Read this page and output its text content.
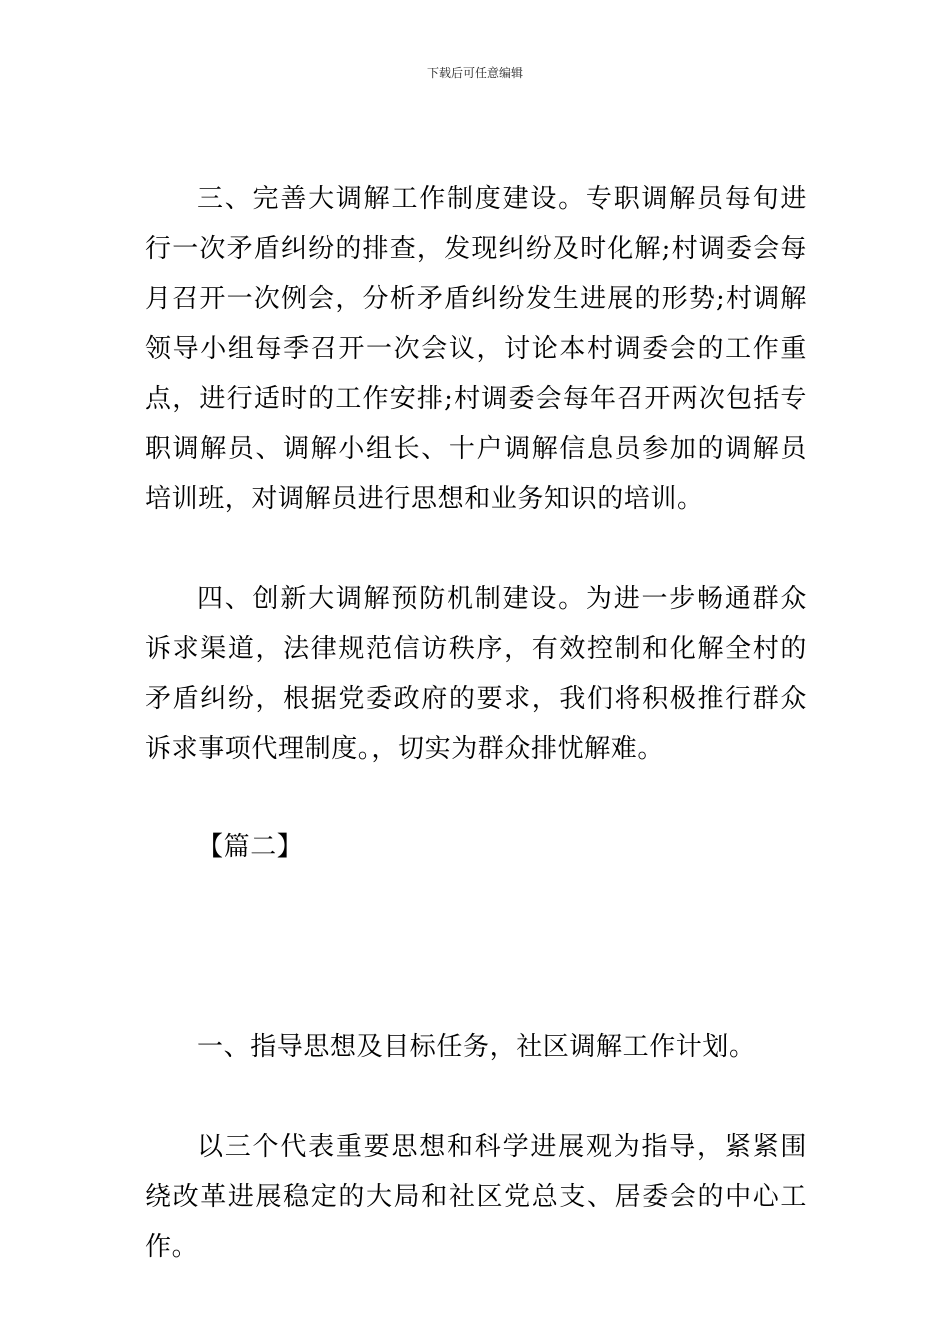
下载后可任意编辑

三、完善大调解工作制度建设。专职调解员每旬进行一次矛盾纠纷的排查，发现纠纷及时化解;村调委会每月召开一次例会，分析矛盾纠纷发生进展的形势;村调解领导小组每季召开一次会议，讨论本村调委会的工作重点，进行适时的工作安排;村调委会每年召开两次包括专职调解员、调解小组长、十户调解信息员参加的调解员培训班，对调解员进行思想和业务知识的培训。

四、创新大调解预防机制建设。为进一步畅通群众诉求渠道，法律规范信访秩序，有效控制和化解全村的矛盾纠纷，根据党委政府的要求，我们将积极推行群众诉求事项代理制度。，切实为群众排忧解难。

【篇二】

一、指导思想及目标任务，社区调解工作计划。

以三个代表重要思想和科学进展观为指导，紧紧围绕改革进展稳定的大局和社区党总支、居委会的中心工作。
